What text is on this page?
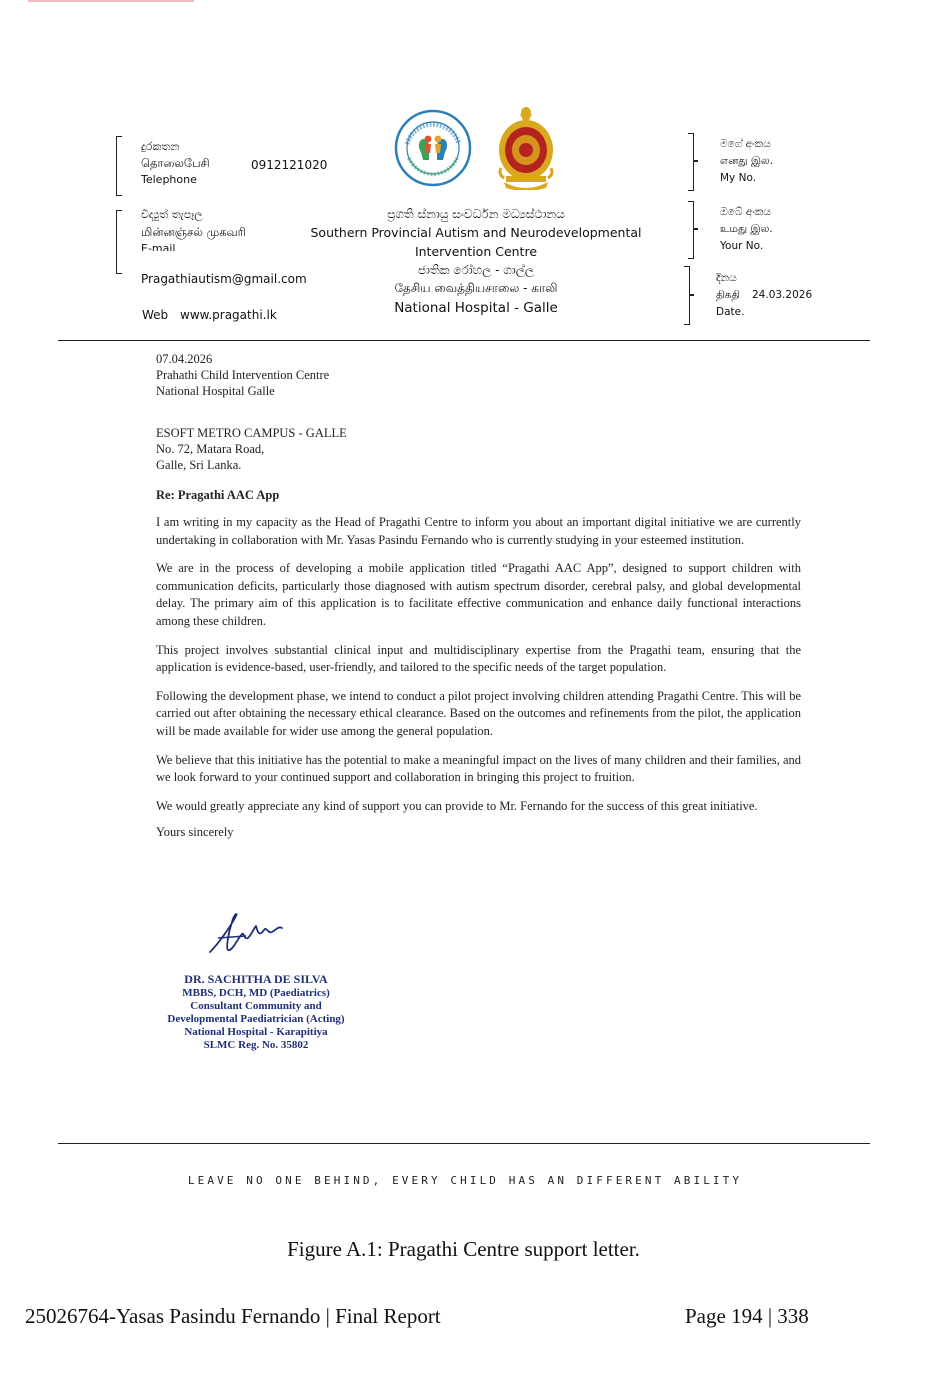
දුරකතන
தொலைபேசி	0912121020
Telephone
විද්‍යුත් තැපෑල
மின்னஞ்சல் முகவரி
E-mail
Pragathiautism@gmail.com
Web www.pragathi.lk
ප්‍රගති ස්නායු සංවර්ධන මධ්‍යස්ථානය
Southern Provincial Autism and Neurodevelopmental
Intervention Centre
ජාතික රෝහල - ගාල්ල
தேசிய வைத்தியசாலை - காலி
National Hospital - Galle
මගේ අංකය
எனது இல.
My No.
ඔබේ අංකය
உமது இல.
Your No.
දිනය
திகதி 24.03.2026
Date.
07.04.2026
Prahathi Child Intervention Centre
National Hospital Galle
ESOFT METRO CAMPUS - GALLE
No. 72, Matara Road,
Galle, Sri Lanka.
Re: Pragathi AAC App

I am writing in my capacity as the Head of Pragathi Centre to inform you about an important digital initiative we are currently undertaking in collaboration with Mr. Yasas Pasindu Fernando who is currently studying in your esteemed institution.

We are in the process of developing a mobile application titled “Pragathi AAC App”, designed to support children with communication deficits, particularly those diagnosed with autism spectrum disorder, cerebral palsy, and global developmental delay. The primary aim of this application is to facilitate effective communication and enhance daily functional interactions among these children.

This project involves substantial clinical input and multidisciplinary expertise from the Pragathi team, ensuring that the application is evidence-based, user-friendly, and tailored to the specific needs of the target population.

Following the development phase, we intend to conduct a pilot project involving children attending Pragathi Centre. This will be carried out after obtaining the necessary ethical clearance. Based on the outcomes and refinements from the pilot, the application will be made available for wider use among the general population.

We believe that this initiative has the potential to make a meaningful impact on the lives of many children and their families, and we look forward to your continued support and collaboration in bringing this project to fruition.

We would greatly appreciate any kind of support you can provide to Mr. Fernando for the success of this great initiative.

Yours sincerely

DR. SACHITHA DE SILVA
MBBS, DCH, MD (Paediatrics)
Consultant Community and
Developmental Paediatrician (Acting)
National Hospital - Karapitiya
SLMC Reg. No. 35802
LEAVE NO ONE BEHIND, EVERY CHILD HAS AN DIFFERENT ABILITY
Figure A.1: Pragathi Centre support letter.
25026764-Yasas Pasindu Fernando | Final Report	Page 194 | 338
